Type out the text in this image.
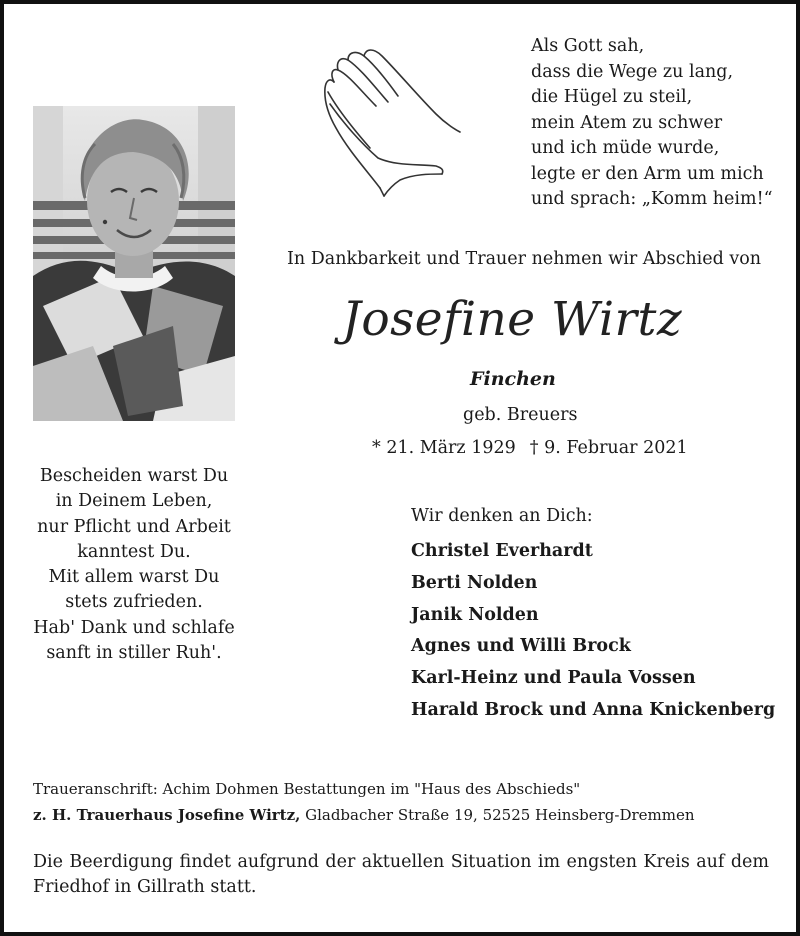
Als Gott sah,
dass die Wege zu lang,
die Hügel zu steil,
mein Atem zu schwer
und ich müde wurde,
legte er den Arm um mich
und sprach: „Komm heim!“
In Dankbarkeit und Trauer nehmen wir Abschied von
Josefine Wirtz
Finchen
geb. Breuers
* 21. März 1929 † 9. Februar 2021
Bescheiden warst Du
in Deinem Leben,
nur Pflicht und Arbeit
kanntest Du.
Mit allem warst Du
stets zufrieden.
Hab' Dank und schlafe
sanft in stiller Ruh'.
Wir denken an Dich:
Christel Everhardt
Berti Nolden
Janik Nolden
Agnes und Willi Brock
Karl-Heinz und Paula Vossen
Harald Brock und Anna Knickenberg
Traueranschrift: Achim Dohmen Bestattungen im "Haus des Abschieds"
z. H. Trauerhaus Josefine Wirtz, Gladbacher Straße 19, 52525 Heinsberg-Dremmen
Die Beerdigung findet aufgrund der aktuellen Situation im engsten Kreis auf dem Friedhof in Gillrath statt.
